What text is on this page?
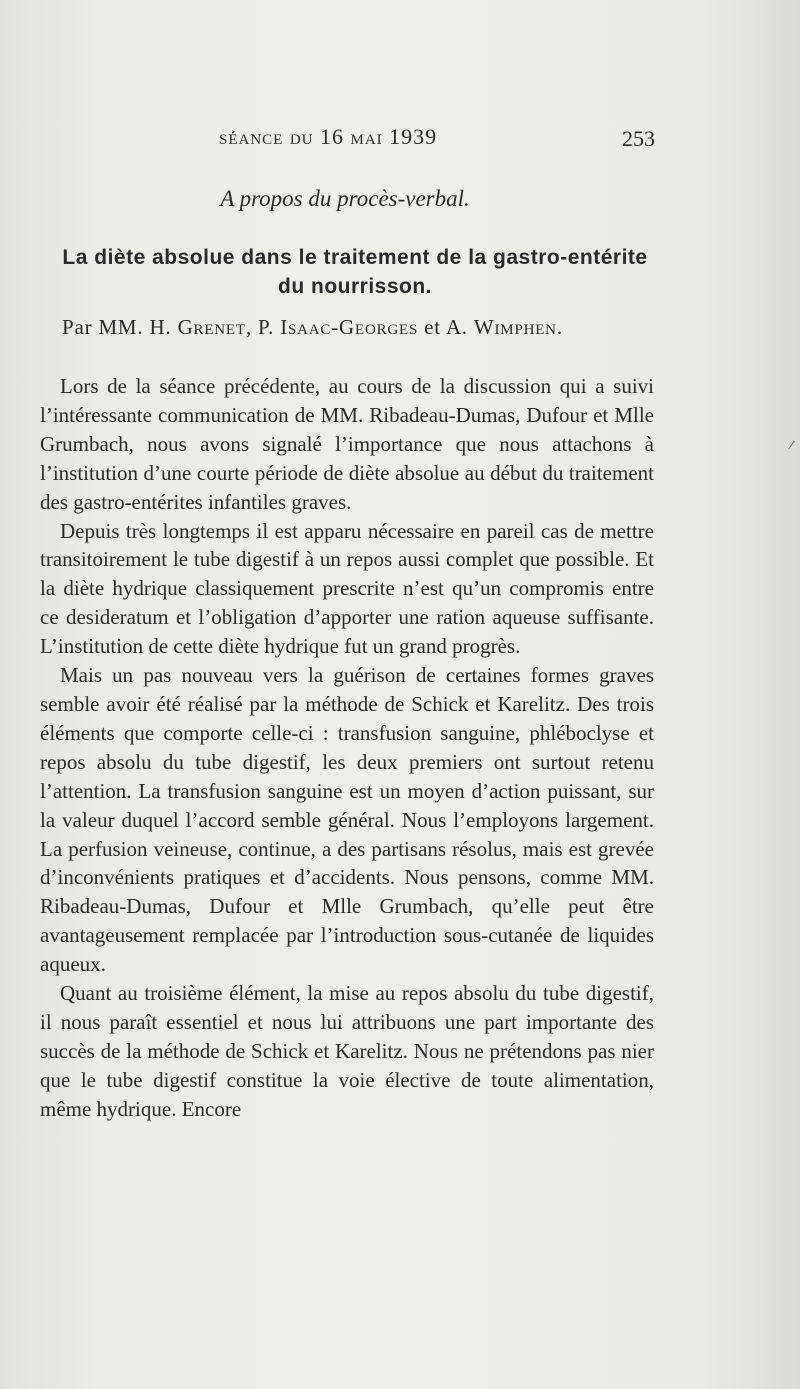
séance du 16 mai 1939	253
A propos du procès-verbal.
La diète absolue dans le traitement de la gastro-entérite
du nourrisson.
Par MM. H. Grenet, P. Isaac-Georges et A. Wimphen.

Lors de la séance précédente, au cours de la discussion qui a suivi l’intéressante communication de MM. Ribadeau-Dumas, Dufour et Mlle Grumbach, nous avons signalé l’importance que nous attachons à l’institution d’une courte période de diète absolue au début du traitement des gastro-entérites infantiles graves.

Depuis très longtemps il est apparu nécessaire en pareil cas de mettre transitoirement le tube digestif à un repos aussi complet que possible. Et la diète hydrique classiquement prescrite n’est qu’un compromis entre ce desideratum et l’obligation d’apporter une ration aqueuse suffisante. L’institution de cette diète hydrique fut un grand progrès.

Mais un pas nouveau vers la guérison de certaines formes graves semble avoir été réalisé par la méthode de Schick et Karelitz. Des trois éléments que comporte celle-ci : transfusion sanguine, phléboclyse et repos absolu du tube digestif, les deux premiers ont surtout retenu l’attention. La transfusion sanguine est un moyen d’action puissant, sur la valeur duquel l’accord semble général. Nous l’employons largement. La perfusion veineuse, continue, a des partisans résolus, mais est grevée d’inconvénients pratiques et d’accidents. Nous pensons, comme MM. Ribadeau-Dumas, Dufour et Mlle Grumbach, qu’elle peut être avantageusement remplacée par l’introduction sous-cutanée de liquides aqueux.

Quant au troisième élément, la mise au repos absolu du tube digestif, il nous paraît essentiel et nous lui attribuons une part importante des succès de la méthode de Schick et Karelitz. Nous ne prétendons pas nier que le tube digestif constitue la voie élective de toute alimentation, même hydrique. Encore
